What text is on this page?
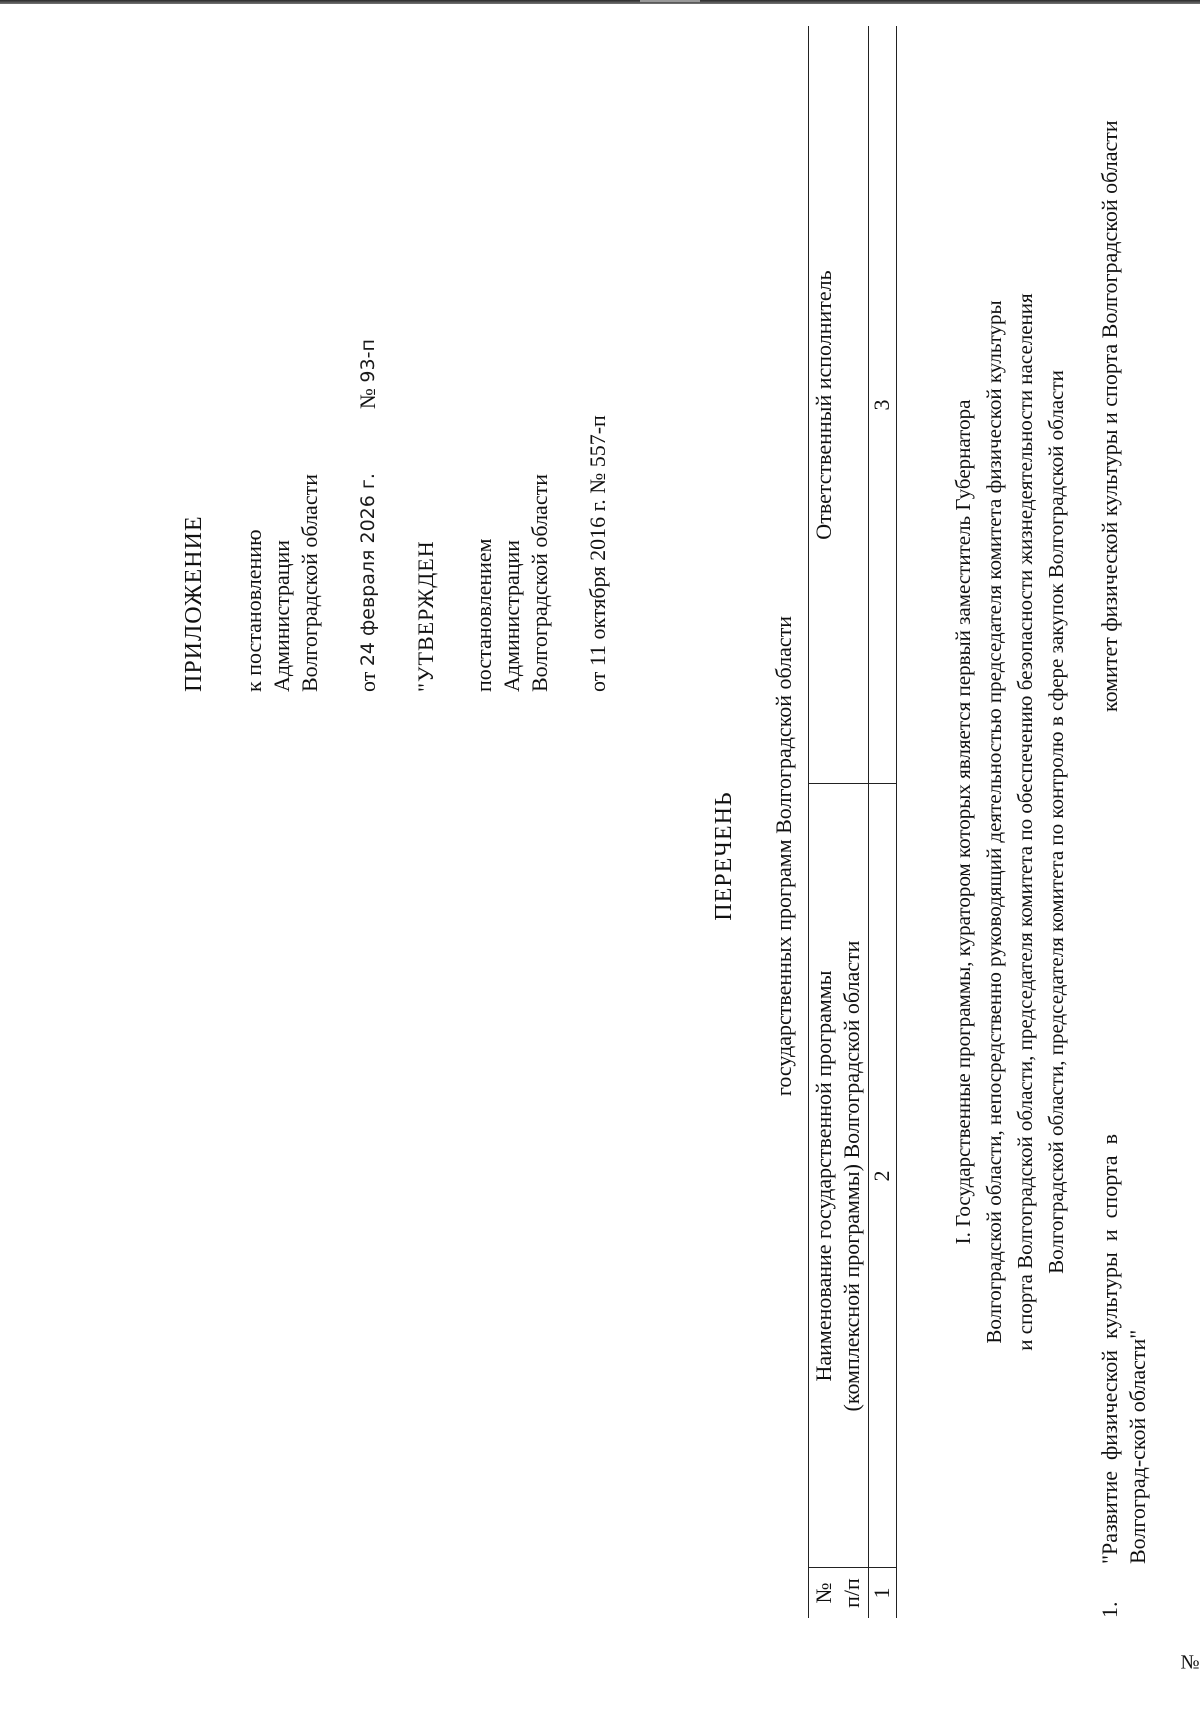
ПРИЛОЖЕНИЕ к постановлению Администрации Волгоградской области от

24 февраля 2026 г.
№

93-п
"УТВЕРЖДЕН постановлением Администрации Волгоградской области от 11 октября 2016 г. № 557-п
ПЕРЕЧЕНЬ государственных программ Волгоградской области
№ п/п
Наименование государственной программы (комплексной программы) Волгоградской области
Ответственный исполнитель
1
2
3	I. Государственные программы, куратором которых является первый заместитель Губернатора Волгоградской области, непосредственно руководящий деятельностью председателя комитета физической культуры и спорта Волгоградской области, председателя комитета по обеспечению безопасности жизнедеятельности населения Волгоградской области, председателя комитета по контролю в сфере закупок Волгоградской области
1.
"Развитие физической культуры и спорта в Волгоград-ской области"
комитет физической культуры и спорта Волгоградской области
№
